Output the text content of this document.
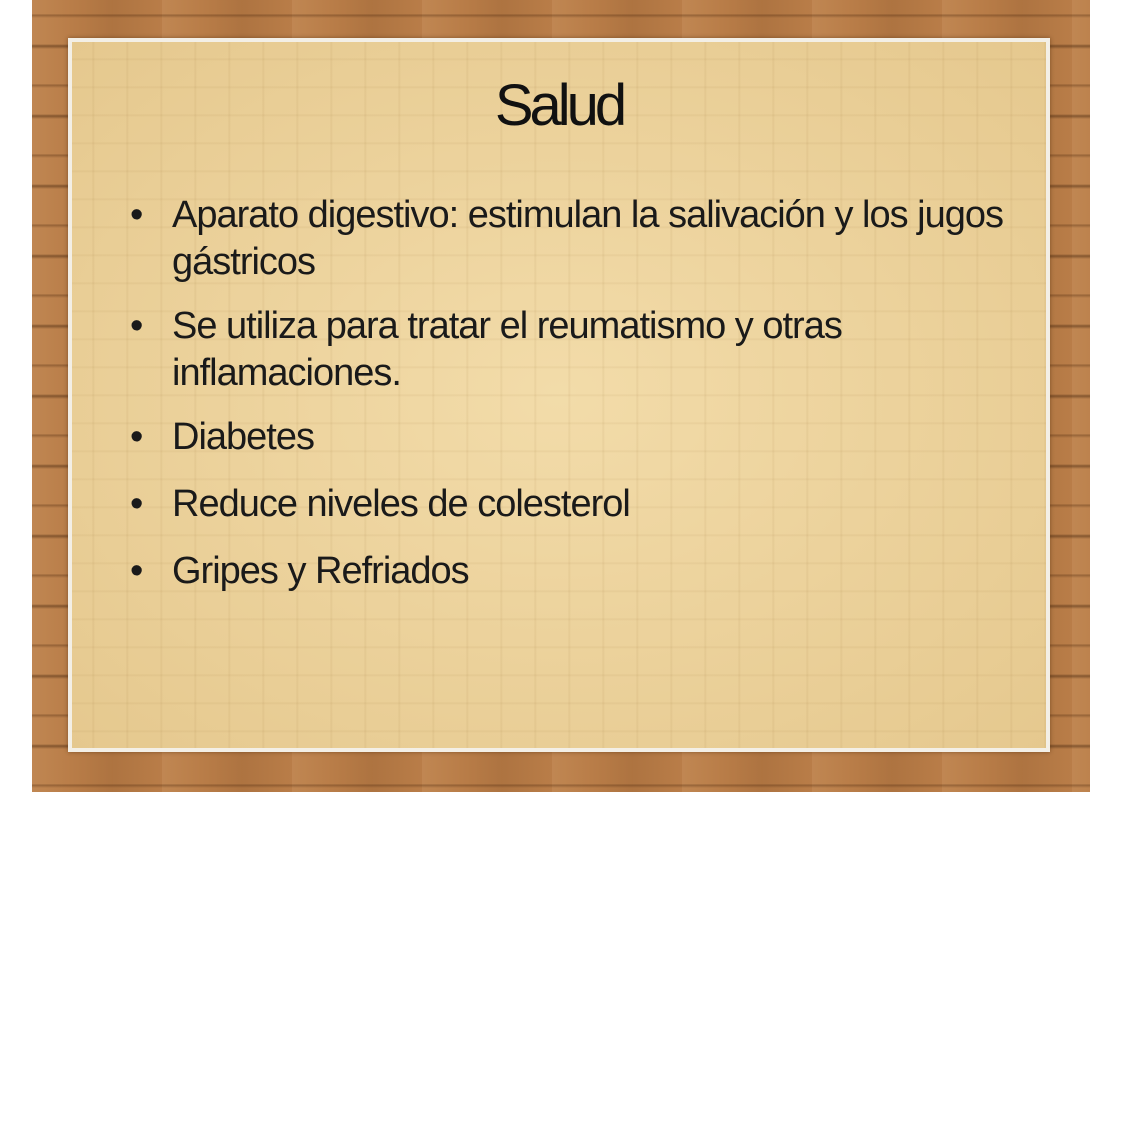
Salud
• Aparato digestivo: estimulan la salivación y los jugos gástricos
• Se utiliza para tratar el reumatismo y otras inflamaciones.
• Diabetes
• Reduce niveles de colesterol
• Gripes y Refriados
